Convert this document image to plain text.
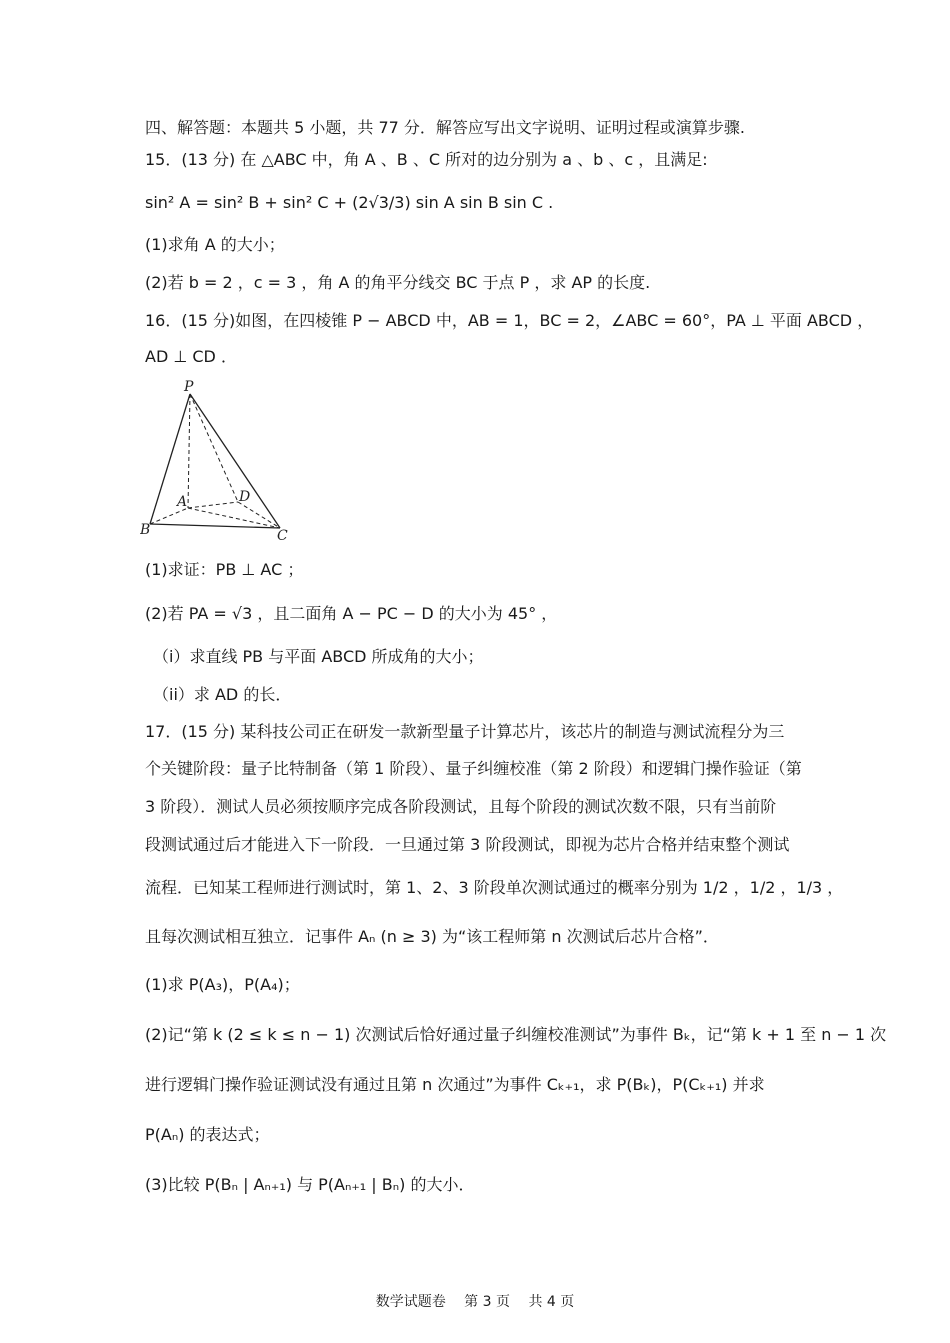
四、解答题：本题共 5 小题，共 77 分．解答应写出文字说明、证明过程或演算步骤.
15．(13 分) 在 △ABC 中，角 A 、B 、C 所对的边分别为 a 、b 、c ，且满足:
sin² A = sin² B + sin² C + (2√3/3) sin A sin B sin C .
(1)求角 A 的大小；
(2)若 b = 2 ，c = 3 ，角 A 的角平分线交 BC 于点 P ，求 AP 的长度.
16．(15 分)如图，在四棱锥 P − ABCD 中，AB = 1，BC = 2，∠ABC = 60°，PA ⊥ 平面 ABCD ，
AD ⊥ CD ．
P
A
B	C
D
(1)求证：PB ⊥ AC ；
(2)若 PA = √3 ，且二面角 A − PC − D 的大小为 45° ，
（i）求直线 PB 与平面 ABCD 所成角的大小；
（ii）求 AD 的长．
17．(15 分) 某科技公司正在研发一款新型量子计算芯片，该芯片的制造与测试流程分为三
个关键阶段：量子比特制备（第 1 阶段）、量子纠缠校准（第 2 阶段）和逻辑门操作验证（第
3 阶段）．测试人员必须按顺序完成各阶段测试，且每个阶段的测试次数不限，只有当前阶
段测试通过后才能进入下一阶段．一旦通过第 3 阶段测试，即视为芯片合格并结束整个测试
流程．已知某工程师进行测试时，第 1、2、3 阶段单次测试通过的概率分别为 1/2 ，1/2 ，1/3 ，
且每次测试相互独立．记事件 Aₙ (n ≥ 3) 为“该工程师第 n 次测试后芯片合格”．
(1)求 P(A₃)，P(A₄)；
(2)记“第 k (2 ≤ k ≤ n − 1) 次测试后恰好通过量子纠缠校准测试”为事件 Bₖ，记“第 k + 1 至 n − 1 次
进行逻辑门操作验证测试没有通过且第 n 次通过”为事件 Cₖ₊₁，求 P(Bₖ)，P(Cₖ₊₁) 并求
P(Aₙ) 的表达式；
(3)比较 P(Bₙ | Aₙ₊₁) 与 P(Aₙ₊₁ | Bₙ) 的大小．
数学试题卷　 第 3 页　 共 4 页
